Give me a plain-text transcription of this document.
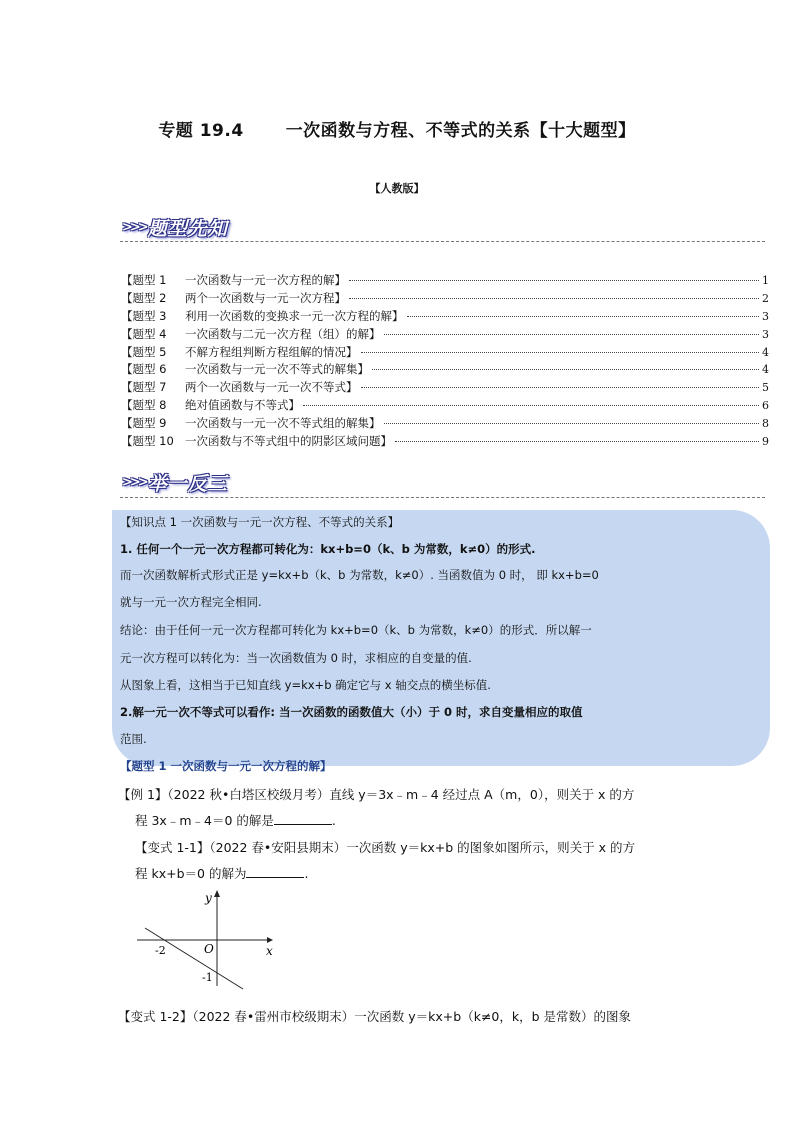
专题 19.4 一次函数与方程、不等式的关系【十大题型】
【人教版】
>>> 题型先知
【题型 1 一次函数与一元一次方程的解】	1
【题型 2 两个一次函数与一元一次方程】	2
【题型 3 利用一次函数的变换求一元一次方程的解】	3
【题型 4 一次函数与二元一次方程（组）的解】	3
【题型 5 不解方程组判断方程组解的情况】	4
【题型 6 一次函数与一元一次不等式的解集】	4
【题型 7 两个一次函数与一元一次不等式】	5
【题型 8 绝对值函数与不等式】	6
【题型 9 一次函数与一元一次不等式组的解集】	8
【题型 10 一次函数与不等式组中的阴影区域问题】	9
>>> 举一反三
【知识点 1 一次函数与一元一次方程、不等式的关系】
1. 任何一个一元一次方程都可转化为：kx+b=0（k、b 为常数，k≠0）的形式.
而一次函数解析式形式正是 y=kx+b（k、b 为常数，k≠0）. 当函数值为 0 时， 即 kx+b=0
就与一元一次方程完全相同.
结论：由于任何一元一次方程都可转化为 kx+b=0（k、b 为常数，k≠0）的形式．所以解一
元一次方程可以转化为：当一次函数值为 0 时，求相应的自变量的值.
从图象上看，这相当于已知直线 y=kx+b 确定它与 x 轴交点的横坐标值.
2.解一元一次不等式可以看作: 当一次函数的函数值大（小）于 0 时，求自变量相应的取值
范围.
【题型 1 一次函数与一元一次方程的解】
【例 1】（2022 秋•白塔区校级月考）直线 y＝3x﹣m﹣4 经过点 A（m，0），则关于 x 的方
程 3x﹣m﹣4＝0 的解是	.
【变式 1-1】（2022 春•安阳县期末）一次函数 y＝kx+b 的图象如图所示，则关于 x 的方
程 kx+b＝0 的解为	.
x
y
O
-2
-1
【变式 1-2】（2022 春•雷州市校级期末）一次函数 y＝kx+b（k≠0，k，b 是常数）的图象
